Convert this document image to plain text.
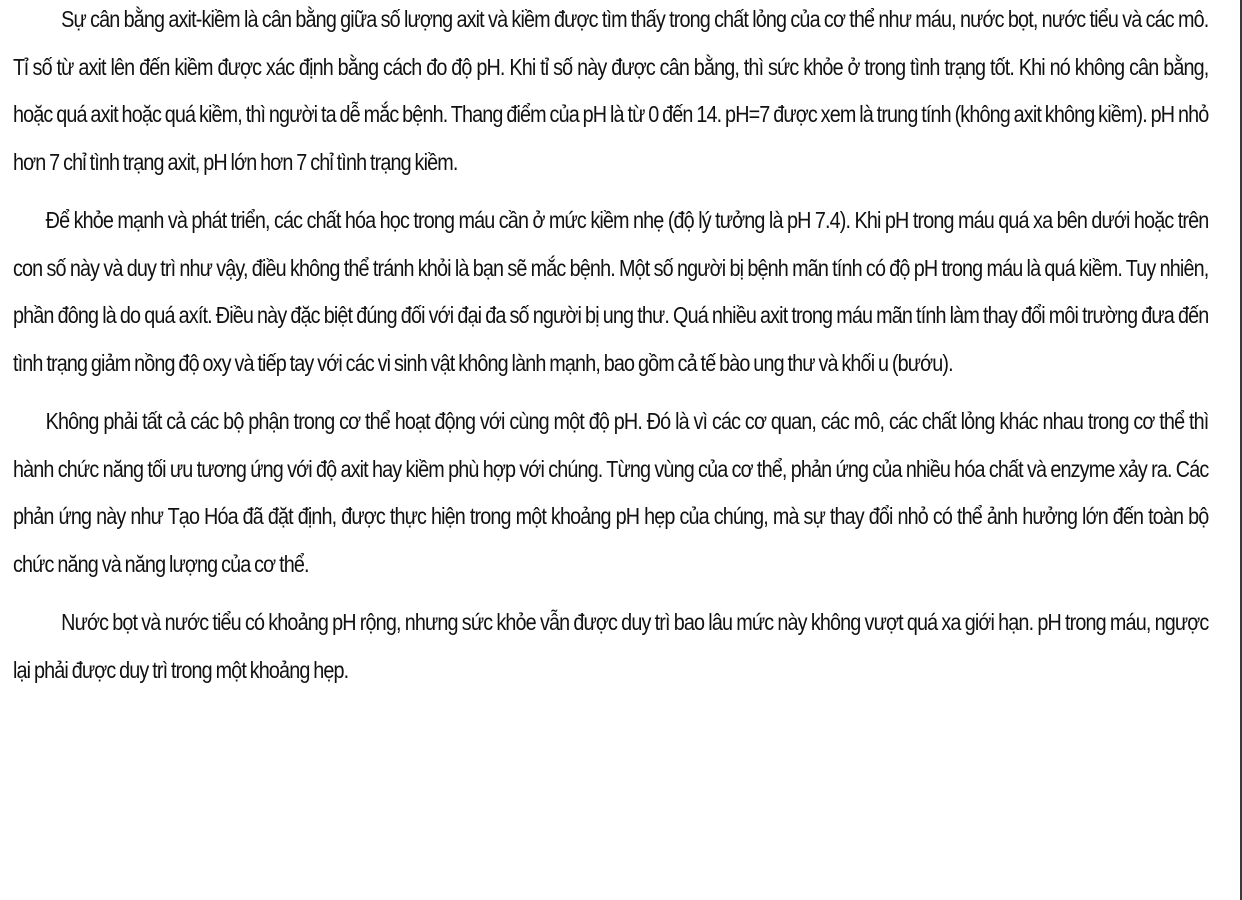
Sự cân bằng axit-kiềm là cân bằng giữa số lượng axit và kiềm được tìm thấy trong chất lỏng của cơ thể như máu, nước bọt, nước tiểu và các mô. Tỉ số từ axit lên đến kiềm được xác định bằng cách đo độ pH. Khi tỉ số này được cân bằng, thì sức khỏe ở trong tình trạng tốt. Khi nó không cân bằng, hoặc quá axit hoặc quá kiềm, thì người ta dễ mắc bệnh. Thang điểm của pH là từ 0 đến 14. pH=7 được xem là trung tính (không axit không kiềm). pH nhỏ hơn 7 chỉ tình trạng axit, pH lớn hơn 7 chỉ tình trạng kiềm.

Để khỏe mạnh và phát triển, các chất hóa học trong máu cần ở mức kiềm nhẹ (độ lý tưởng là pH 7.4). Khi pH trong máu quá xa bên dưới hoặc trên con số này và duy trì như vậy, điều không thể tránh khỏi là bạn sẽ mắc bệnh. Một số người bị bệnh mãn tính có độ pH trong máu là quá kiềm. Tuy nhiên, phần đông là do quá axít. Điều này đặc biệt đúng đối với đại đa số người bị ung thư. Quá nhiều axit trong máu mãn tính làm thay đổi môi trường đưa đến tình trạng giảm nồng độ oxy và tiếp tay với các vi sinh vật không lành mạnh, bao gồm cả tế bào ung thư và khối u (bướu).

Không phải tất cả các bộ phận trong cơ thể hoạt động với cùng một độ pH. Đó là vì các cơ quan, các mô, các chất lỏng khác nhau trong cơ thể thì hành chức năng tối ưu tương ứng với độ axit hay kiềm phù hợp với chúng. Từng vùng của cơ thể, phản ứng của nhiều hóa chất và enzyme xảy ra. Các phản ứng này như Tạo Hóa đã đặt định, được thực hiện trong một khoảng pH hẹp của chúng, mà sự thay đổi nhỏ có thể ảnh hưởng lớn đến toàn bộ chức năng và năng lượng của cơ thể.

Nước bọt và nước tiểu có khoảng pH rộng, nhưng sức khỏe vẫn được duy trì bao lâu mức này không vượt quá xa giới hạn. pH trong máu, ngược lại phải được duy trì trong một khoảng hẹp.
